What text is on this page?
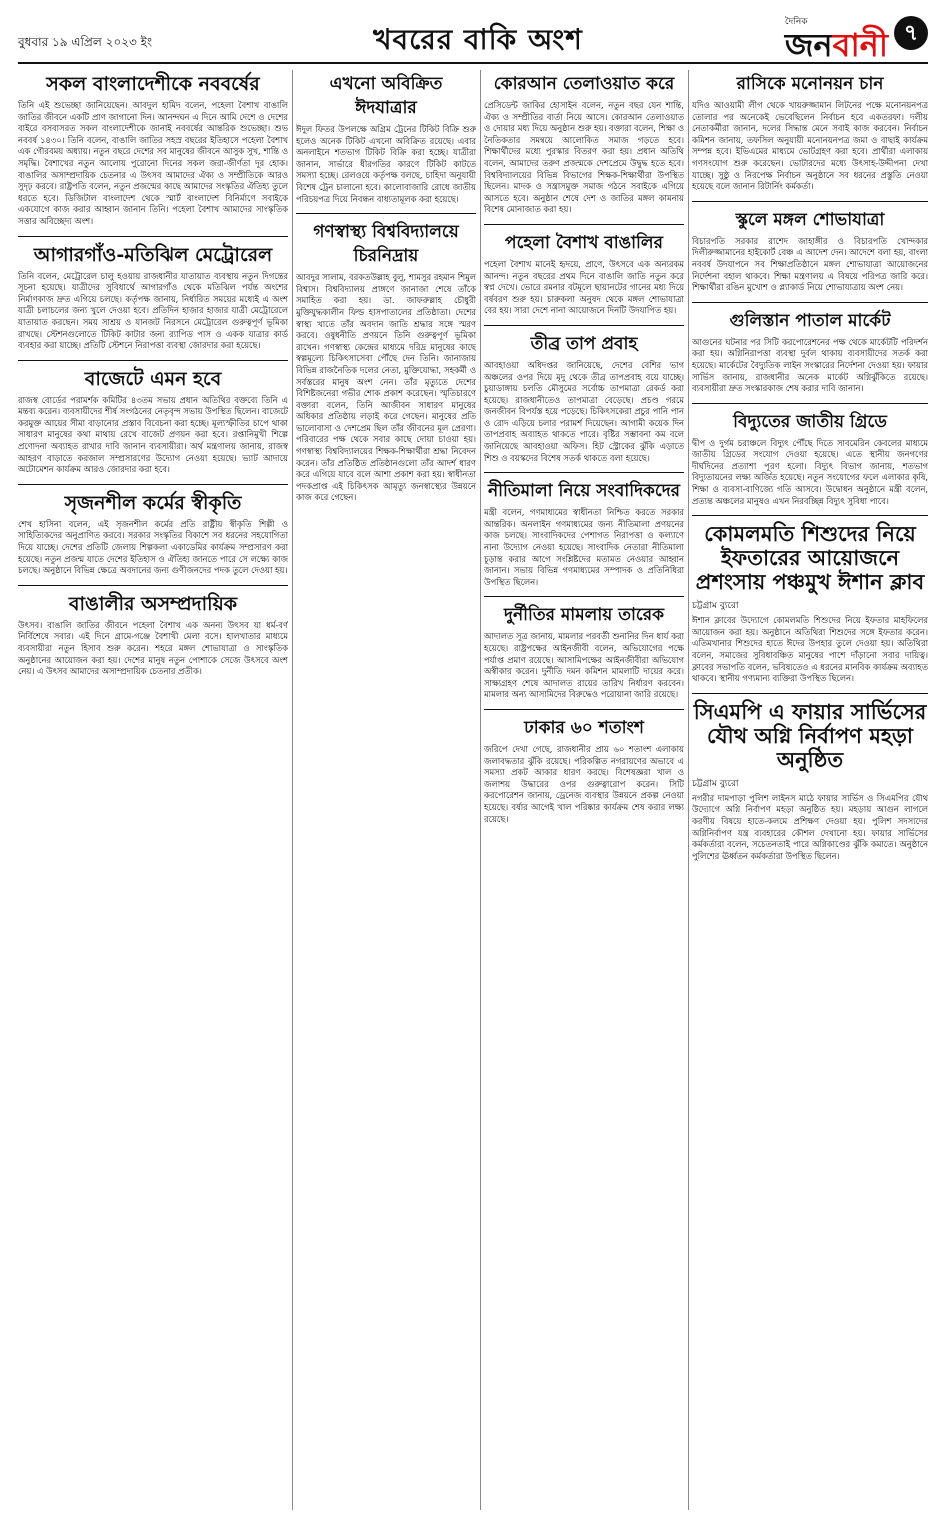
বুধবার ১৯ এপ্রিল ২০২৩ ইং	খবরের বাকি অংশ
দৈনিক
জনবানী ৭
সকল বাংলাদেশীকে নববর্ষের
তিনি এই শুভেচ্ছা জানিয়েছেন। আবদুল হামিদ বলেন, পহেলা বৈশাখ বাঙালি জাতির জীবনে একটি প্রাণ জাগানো দিন। আনন্দঘন এ দিনে আমি দেশে ও দেশের বাইরে বসবাসরত সকল বাংলাদেশীকে জানাই নববর্ষের আন্তরিক শুভেচ্ছা। শুভ নববর্ষ ১৪৩০। তিনি বলেন, বাঙালি জাতির সহস্র বছরের ইতিহাসে পহেলা বৈশাখ এক গৌরবময় অধ্যায়। নতুন বছরে দেশের সব মানুষের জীবনে আসুক সুখ, শান্তি ও সমৃদ্ধি। বৈশাখের নতুন আলোয় পুরোনো দিনের সকল জরা-জীর্ণতা দূর হোক। বাঙালির অসাম্প্রদায়িক চেতনার এ উৎসব আমাদের ঐক্য ও সম্প্রীতিকে আরও সুদৃঢ় করবে। রাষ্ট্রপতি বলেন, নতুন প্রজন্মের কাছে আমাদের সংস্কৃতির ঐতিহ্য তুলে ধরতে হবে। ডিজিটাল বাংলাদেশ থেকে স্মার্ট বাংলাদেশ বিনির্মাণে সবাইকে একযোগে কাজ করার আহ্বান জানান তিনি। পহেলা বৈশাখ আমাদের সাংস্কৃতিক সত্তার অবিচ্ছেদ্য অংশ।
আগারগাঁও-মতিঝিল মেট্রোরেল
তিনি বলেন, মেট্রোরেল চালু হওয়ায় রাজধানীর যাতায়াত ব্যবস্থায় নতুন দিগন্তের সূচনা হয়েছে। যাত্রীদের সুবিধার্থে আগারগাঁও থেকে মতিঝিল পর্যন্ত অংশের নির্মাণকাজ দ্রুত এগিয়ে চলছে। কর্তৃপক্ষ জানায়, নির্ধারিত সময়ের মধ্যেই এ অংশ যাত্রী চলাচলের জন্য খুলে দেওয়া হবে। প্রতিদিন হাজার হাজার যাত্রী মেট্রোরেলে যাতায়াত করছেন। সময় সাশ্রয় ও যানজট নিরসনে মেট্রোরেল গুরুত্বপূর্ণ ভূমিকা রাখছে। স্টেশনগুলোতে টিকিট কাটার জন্য র‍্যাপিড পাস ও একক যাত্রার কার্ড ব্যবহার করা যাচ্ছে। প্রতিটি স্টেশনে নিরাপত্তা ব্যবস্থা জোরদার করা হয়েছে।
বাজেটে এমন হবে
রাজস্ব বোর্ডের পরামর্শক কমিটির ৪৩তম সভায় প্রধান অতিথির বক্তব্যে তিনি এ মন্তব্য করেন। ব্যবসায়ীদের শীর্ষ সংগঠনের নেতৃবৃন্দ সভায় উপস্থিত ছিলেন। বাজেটে করমুক্ত আয়ের সীমা বাড়ানোর প্রস্তাব বিবেচনা করা হচ্ছে। মূল্যস্ফীতির চাপে থাকা সাধারণ মানুষের কথা মাথায় রেখে বাজেট প্রণয়ন করা হবে। রপ্তানিমুখী শিল্পে প্রণোদনা অব্যাহত রাখার দাবি জানান ব্যবসায়ীরা। অর্থ মন্ত্রণালয় জানায়, রাজস্ব আহরণ বাড়াতে করজাল সম্প্রসারণের উদ্যোগ নেওয়া হয়েছে। ভ্যাট আদায়ে অটোমেশন কার্যক্রম আরও জোরদার করা হবে।
সৃজনশীল কর্মের স্বীকৃতি
শেখ হাসিনা বলেন, এই সৃজনশীল কর্মের প্রতি রাষ্ট্রীয় স্বীকৃতি শিল্পী ও সাহিত্যিকদের অনুপ্রাণিত করবে। সরকার সংস্কৃতির বিকাশে সব ধরনের সহযোগিতা দিয়ে যাচ্ছে। দেশের প্রতিটি জেলায় শিল্পকলা একাডেমির কার্যক্রম সম্প্রসারণ করা হয়েছে। নতুন প্রজন্ম যাতে দেশের ইতিহাস ও ঐতিহ্য জানতে পারে সে লক্ষ্যে কাজ চলছে। অনুষ্ঠানে বিভিন্ন ক্ষেত্রে অবদানের জন্য গুণীজনদের পদক তুলে দেওয়া হয়।
বাঙালীর অসম্প্রদায়িক
উৎসব। বাঙালি জাতির জীবনে পহেলা বৈশাখ এক অনন্য উৎসব যা ধর্ম-বর্ণ নির্বিশেষে সবার। এই দিনে গ্রামে-গঞ্জে বৈশাখী মেলা বসে। হালখাতার মাধ্যমে ব্যবসায়ীরা নতুন হিসাব শুরু করেন। শহরে মঙ্গল শোভাযাত্রা ও সাংস্কৃতিক অনুষ্ঠানের আয়োজন করা হয়। দেশের মানুষ নতুন পোশাকে সেজে উৎসবে অংশ নেয়। এ উৎসব আমাদের অসাম্প্রদায়িক চেতনার প্রতীক।
এখনো অবিক্রিত ঈদযাত্রার
ঈদুল ফিতর উপলক্ষে অগ্রিম ট্রেনের টিকিট বিক্রি শুরু হলেও অনেক টিকিট এখনো অবিক্রিত রয়েছে। এবার অনলাইনে শতভাগ টিকিট বিক্রি করা হচ্ছে। যাত্রীরা জানান, সার্ভারে ধীরগতির কারণে টিকিট কাটতে সমস্যা হচ্ছে। রেলওয়ে কর্তৃপক্ষ বলছে, চাহিদা অনুযায়ী বিশেষ ট্রেন চালানো হবে। কালোবাজারি রোধে জাতীয় পরিচয়পত্র দিয়ে নিবন্ধন বাধ্যতামূলক করা হয়েছে।
গণস্বাস্থ্য বিশ্ববিদ্যালয়ে চিরনিদ্রায়
আবদুর সালাম, বরকতউল্লাহ বুলু, শামসুর রহমান শিমুল বিশ্বাস। বিশ্ববিদ্যালয় প্রাঙ্গণে জানাজা শেষে তাঁকে সমাহিত করা হয়। ডা. জাফরুল্লাহ চৌধুরী মুক্তিযুদ্ধকালীন ফিল্ড হাসপাতালের প্রতিষ্ঠাতা। দেশের স্বাস্থ্য খাতে তাঁর অবদান জাতি শ্রদ্ধার সঙ্গে স্মরণ করবে। ওষুধনীতি প্রণয়নে তিনি গুরুত্বপূর্ণ ভূমিকা রাখেন। গণস্বাস্থ্য কেন্দ্রের মাধ্যমে দরিদ্র মানুষের কাছে স্বল্পমূল্যে চিকিৎসাসেবা পৌঁছে দেন তিনি। জানাজায় বিভিন্ন রাজনৈতিক দলের নেতা, মুক্তিযোদ্ধা, সহকর্মী ও সর্বস্তরের মানুষ অংশ নেন। তাঁর মৃত্যুতে দেশের বিশিষ্টজনেরা গভীর শোক প্রকাশ করেছেন। স্মৃতিচারণে বক্তারা বলেন, তিনি আজীবন সাধারণ মানুষের অধিকার প্রতিষ্ঠায় লড়াই করে গেছেন। মানুষের প্রতি ভালোবাসা ও দেশপ্রেম ছিল তাঁর জীবনের মূল প্রেরণা। পরিবারের পক্ষ থেকে সবার কাছে দোয়া চাওয়া হয়। গণস্বাস্থ্য বিশ্ববিদ্যালয়ের শিক্ষক-শিক্ষার্থীরা শ্রদ্ধা নিবেদন করেন। তাঁর প্রতিষ্ঠিত প্রতিষ্ঠানগুলো তাঁর আদর্শ ধারণ করে এগিয়ে যাবে বলে আশা প্রকাশ করা হয়। স্বাধীনতা পদকপ্রাপ্ত এই চিকিৎসক আমৃত্যু জনস্বাস্থ্যের উন্নয়নে কাজ করে গেছেন।
কোরআন তেলাওয়াত করে
প্রেসিডেন্ট জাকির হোসাইন বলেন, নতুন বছর যেন শান্তি, ঐক্য ও সম্প্রীতির বার্তা নিয়ে আসে। কোরআন তেলাওয়াত ও দোয়ার মধ্য দিয়ে অনুষ্ঠান শুরু হয়। বক্তারা বলেন, শিক্ষা ও নৈতিকতার সমন্বয়ে আলোকিত সমাজ গড়তে হবে। শিক্ষার্থীদের মধ্যে পুরস্কার বিতরণ করা হয়। প্রধান অতিথি বলেন, আমাদের তরুণ প্রজন্মকে দেশপ্রেমে উদ্বুদ্ধ হতে হবে। বিশ্ববিদ্যালয়ের বিভিন্ন বিভাগের শিক্ষক-শিক্ষার্থীরা উপস্থিত ছিলেন। মাদক ও সন্ত্রাসমুক্ত সমাজ গঠনে সবাইকে এগিয়ে আসতে হবে। অনুষ্ঠান শেষে দেশ ও জাতির মঙ্গল কামনায় বিশেষ মোনাজাত করা হয়।
পহেলা বৈশাখ বাঙালির
পহেলা বৈশাখ মানেই হৃদয়ে, প্রাণে, উৎসবে এক অন্যরকম আনন্দ। নতুন বছরের প্রথম দিনে বাঙালি জাতি নতুন করে স্বপ্ন দেখে। ভোরে রমনার বটমূলে ছায়ানটের গানের মধ্য দিয়ে বর্ষবরণ শুরু হয়। চারুকলা অনুষদ থেকে মঙ্গল শোভাযাত্রা বের হয়। সারা দেশে নানা আয়োজনে দিনটি উদযাপিত হয়।
তীব্র তাপ প্রবাহ
আবহাওয়া অধিদপ্তর জানিয়েছে, দেশের বেশির ভাগ অঞ্চলের ওপর দিয়ে মৃদু থেকে তীব্র তাপপ্রবাহ বয়ে যাচ্ছে। চুয়াডাঙ্গায় চলতি মৌসুমের সর্বোচ্চ তাপমাত্রা রেকর্ড করা হয়েছে। রাজধানীতেও তাপমাত্রা বেড়েছে। প্রচণ্ড গরমে জনজীবন বিপর্যস্ত হয়ে পড়েছে। চিকিৎসকেরা প্রচুর পানি পান ও রোদ এড়িয়ে চলার পরামর্শ দিয়েছেন। আগামী কয়েক দিন তাপপ্রবাহ অব্যাহত থাকতে পারে। বৃষ্টির সম্ভাবনা কম বলে জানিয়েছে আবহাওয়া অফিস। হিট স্ট্রোকের ঝুঁকি এড়াতে শিশু ও বয়স্কদের বিশেষ সতর্ক থাকতে বলা হয়েছে।
নীতিমালা নিয়ে সংবাদিকদের
মন্ত্রী বলেন, গণমাধ্যমের স্বাধীনতা নিশ্চিত করতে সরকার আন্তরিক। অনলাইন গণমাধ্যমের জন্য নীতিমালা প্রণয়নের কাজ চলছে। সাংবাদিকদের পেশাগত নিরাপত্তা ও কল্যাণে নানা উদ্যোগ নেওয়া হয়েছে। সাংবাদিক নেতারা নীতিমালা চূড়ান্ত করার আগে সংশ্লিষ্টদের মতামত নেওয়ার আহ্বান জানান। সভায় বিভিন্ন গণমাধ্যমের সম্পাদক ও প্রতিনিধিরা উপস্থিত ছিলেন।
দুর্নীতির মামলায় তারেক
আদালত সূত্র জানায়, মামলার পরবর্তী শুনানির দিন ধার্য করা হয়েছে। রাষ্ট্রপক্ষের আইনজীবী বলেন, অভিযোগের পক্ষে পর্যাপ্ত প্রমাণ রয়েছে। আসামিপক্ষের আইনজীবীরা অভিযোগ অস্বীকার করেন। দুর্নীতি দমন কমিশন মামলাটি দায়ের করে। সাক্ষ্যগ্রহণ শেষে আদালত রায়ের তারিখ নির্ধারণ করবেন। মামলার অন্য আসামিদের বিরুদ্ধেও পরোয়ানা জারি রয়েছে।
ঢাকার ৬০ শতাংশ
জরিপে দেখা গেছে, রাজধানীর প্রায় ৬০ শতাংশ এলাকায় জলাবদ্ধতার ঝুঁকি রয়েছে। পরিকল্পিত নগরায়ণের অভাবে এ সমস্যা প্রকট আকার ধারণ করছে। বিশেষজ্ঞরা খাল ও জলাশয় উদ্ধারের ওপর গুরুত্বারোপ করেন। সিটি করপোরেশন জানায়, ড্রেনেজ ব্যবস্থার উন্নয়নে প্রকল্প নেওয়া হয়েছে। বর্ষার আগেই খাল পরিষ্কার কার্যক্রম শেষ করার লক্ষ্য রয়েছে।
রাসিকে মনোনয়ন চান
যদিও আওয়ামী লীগ থেকে খায়রুজ্জামান লিটনের পক্ষে মনোনয়নপত্র তোলার পর অনেকেই ভেবেছিলেন নির্বাচন হবে একতরফা। দলীয় নেতাকর্মীরা জানান, দলের সিদ্ধান্ত মেনে সবাই কাজ করবেন। নির্বাচন কমিশন জানায়, তফসিল অনুযায়ী মনোনয়নপত্র জমা ও বাছাই কার্যক্রম সম্পন্ন হবে। ইভিএমের মাধ্যমে ভোটগ্রহণ করা হবে। প্রার্থীরা এলাকায় গণসংযোগ শুরু করেছেন। ভোটারদের মধ্যে উৎসাহ-উদ্দীপনা দেখা যাচ্ছে। সুষ্ঠু ও নিরপেক্ষ নির্বাচন অনুষ্ঠানে সব ধরনের প্রস্তুতি নেওয়া হয়েছে বলে জানান রিটার্নিং কর্মকর্তা।
স্কুলে মঙ্গল শোভাযাত্রা
বিচারপতি সরকার রাশেদ জাহাঙ্গীর ও বিচারপতি খোন্দকার দিলীরুজ্জামানের হাইকোর্ট বেঞ্চ এ আদেশ দেন। আদেশে বলা হয়, বাংলা নববর্ষ উদযাপনে সব শিক্ষাপ্রতিষ্ঠানে মঙ্গল শোভাযাত্রা আয়োজনের নির্দেশনা বহাল থাকবে। শিক্ষা মন্ত্রণালয় এ বিষয়ে পরিপত্র জারি করে। শিক্ষার্থীরা রঙিন মুখোশ ও প্ল্যাকার্ড নিয়ে শোভাযাত্রায় অংশ নেয়।
গুলিস্তান পাতাল মার্কেট
আগুনের ঘটনার পর সিটি করপোরেশনের পক্ষ থেকে মার্কেটটি পরিদর্শন করা হয়। অগ্নিনিরাপত্তা ব্যবস্থা দুর্বল থাকায় ব্যবসায়ীদের সতর্ক করা হয়েছে। মার্কেটের বৈদ্যুতিক লাইন সংস্কারের নির্দেশনা দেওয়া হয়। ফায়ার সার্ভিস জানায়, রাজধানীর অনেক মার্কেট অগ্নিঝুঁকিতে রয়েছে। ব্যবসায়ীরা দ্রুত সংস্কারকাজ শেষ করার দাবি জানান।
বিদ্যুতের জাতীয় গ্রিডে
দ্বীপ ও দুর্গম চরাঞ্চলে বিদ্যুৎ পৌঁছে দিতে সাবমেরিন কেবলের মাধ্যমে জাতীয় গ্রিডের সংযোগ দেওয়া হয়েছে। এতে স্থানীয় জনগণের দীর্ঘদিনের প্রত্যাশা পূরণ হলো। বিদ্যুৎ বিভাগ জানায়, শতভাগ বিদ্যুতায়নের লক্ষ্য অর্জিত হয়েছে। নতুন সংযোগের ফলে এলাকার কৃষি, শিক্ষা ও ব্যবসা-বাণিজ্যে গতি আসবে। উদ্বোধন অনুষ্ঠানে মন্ত্রী বলেন, প্রত্যন্ত অঞ্চলের মানুষও এখন নিরবচ্ছিন্ন বিদ্যুৎ সুবিধা পাবে।
কোমলমতি শিশুদের নিয়ে ইফতারের আয়োজনে প্রশংসায় পঞ্চমুখ ঈশান ক্লাব
চট্টগ্রাম ব্যুরো
ঈশান ক্লাবের উদ্যোগে কোমলমতি শিশুদের নিয়ে ইফতার মাহফিলের আয়োজন করা হয়। অনুষ্ঠানে অতিথিরা শিশুদের সঙ্গে ইফতার করেন। এতিমখানার শিশুদের হাতে ঈদের উপহার তুলে দেওয়া হয়। অতিথিরা বলেন, সমাজের সুবিধাবঞ্চিত মানুষের পাশে দাঁড়ানো সবার দায়িত্ব। ক্লাবের সভাপতি বলেন, ভবিষ্যতেও এ ধরনের মানবিক কার্যক্রম অব্যাহত থাকবে। স্থানীয় গণ্যমান্য ব্যক্তিরা উপস্থিত ছিলেন।
সিএমপি এ ফায়ার সার্ভিসের যৌথ অগ্নি নির্বাপণ মহড়া অনুষ্ঠিত
চট্টগ্রাম ব্যুরো
নগরীর দামপাড়া পুলিশ লাইনস মাঠে ফায়ার সার্ভিস ও সিএমপির যৌথ উদ্যোগে অগ্নি নির্বাপণ মহড়া অনুষ্ঠিত হয়। মহড়ায় আগুন লাগলে করণীয় বিষয়ে হাতে-কলমে প্রশিক্ষণ দেওয়া হয়। পুলিশ সদস্যদের অগ্নিনির্বাপণ যন্ত্র ব্যবহারের কৌশল দেখানো হয়। ফায়ার সার্ভিসের কর্মকর্তারা বলেন, সচেতনতাই পারে অগ্নিকাণ্ডের ঝুঁকি কমাতে। অনুষ্ঠানে পুলিশের ঊর্ধ্বতন কর্মকর্তারা উপস্থিত ছিলেন।
